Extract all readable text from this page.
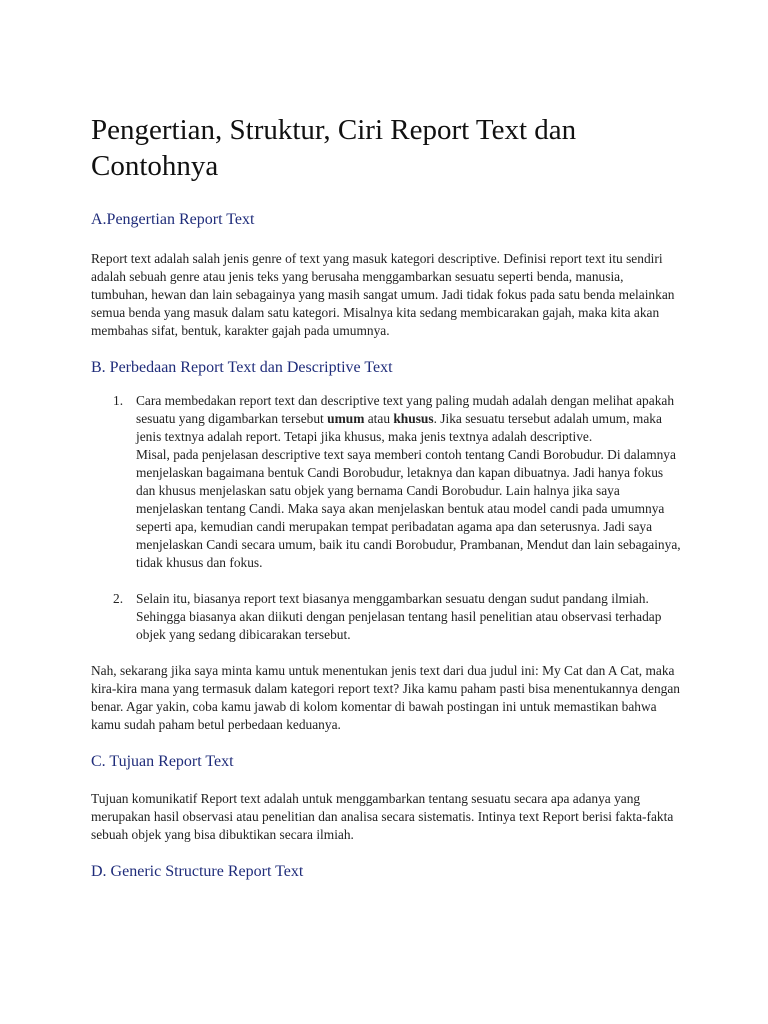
Pengertian, Struktur, Ciri Report Text dan Contohnya
A.Pengertian Report Text

Report text adalah salah jenis genre of text yang masuk kategori descriptive. Definisi report text itu sendiri adalah sebuah genre atau jenis teks yang berusaha menggambarkan sesuatu seperti benda, manusia, tumbuhan, hewan dan lain sebagainya yang masih sangat umum. Jadi tidak fokus pada satu benda melainkan semua benda yang masuk dalam satu kategori. Misalnya kita sedang membicarakan gajah, maka kita akan membahas sifat, bentuk, karakter gajah pada umumnya.

B. Perbedaan Report Text dan Descriptive Text
1. Cara membedakan report text dan descriptive text yang paling mudah adalah dengan melihat apakah sesuatu yang digambarkan tersebut umum atau khusus. Jika sesuatu tersebut adalah umum, maka jenis textnya adalah report. Tetapi jika khusus, maka jenis textnya adalah descriptive.
Misal, pada penjelasan descriptive text saya memberi contoh tentang Candi Borobudur. Di dalamnya menjelaskan bagaimana bentuk Candi Borobudur, letaknya dan kapan dibuatnya. Jadi hanya fokus dan khusus menjelaskan satu objek yang bernama Candi Borobudur. Lain halnya jika saya menjelaskan tentang Candi. Maka saya akan menjelaskan bentuk atau model candi pada umumnya seperti apa, kemudian candi merupakan tempat peribadatan agama apa dan seterusnya. Jadi saya menjelaskan Candi secara umum, baik itu candi Borobudur, Prambanan, Mendut dan lain sebagainya, tidak khusus dan fokus.
2. Selain itu, biasanya report text biasanya menggambarkan sesuatu dengan sudut pandang ilmiah. Sehingga biasanya akan diikuti dengan penjelasan tentang hasil penelitian atau observasi terhadap objek yang sedang dibicarakan tersebut.

Nah, sekarang jika saya minta kamu untuk menentukan jenis text dari dua judul ini: My Cat dan A Cat, maka kira-kira mana yang termasuk dalam kategori report text? Jika kamu paham pasti bisa menentukannya dengan benar. Agar yakin, coba kamu jawab di kolom komentar di bawah postingan ini untuk memastikan bahwa kamu sudah paham betul perbedaan keduanya.

C. Tujuan Report Text

Tujuan komunikatif Report text adalah untuk menggambarkan tentang sesuatu secara apa adanya yang merupakan hasil observasi atau penelitian dan analisa secara sistematis. Intinya text Report berisi fakta-fakta sebuah objek yang bisa dibuktikan secara ilmiah.

D. Generic Structure Report Text
